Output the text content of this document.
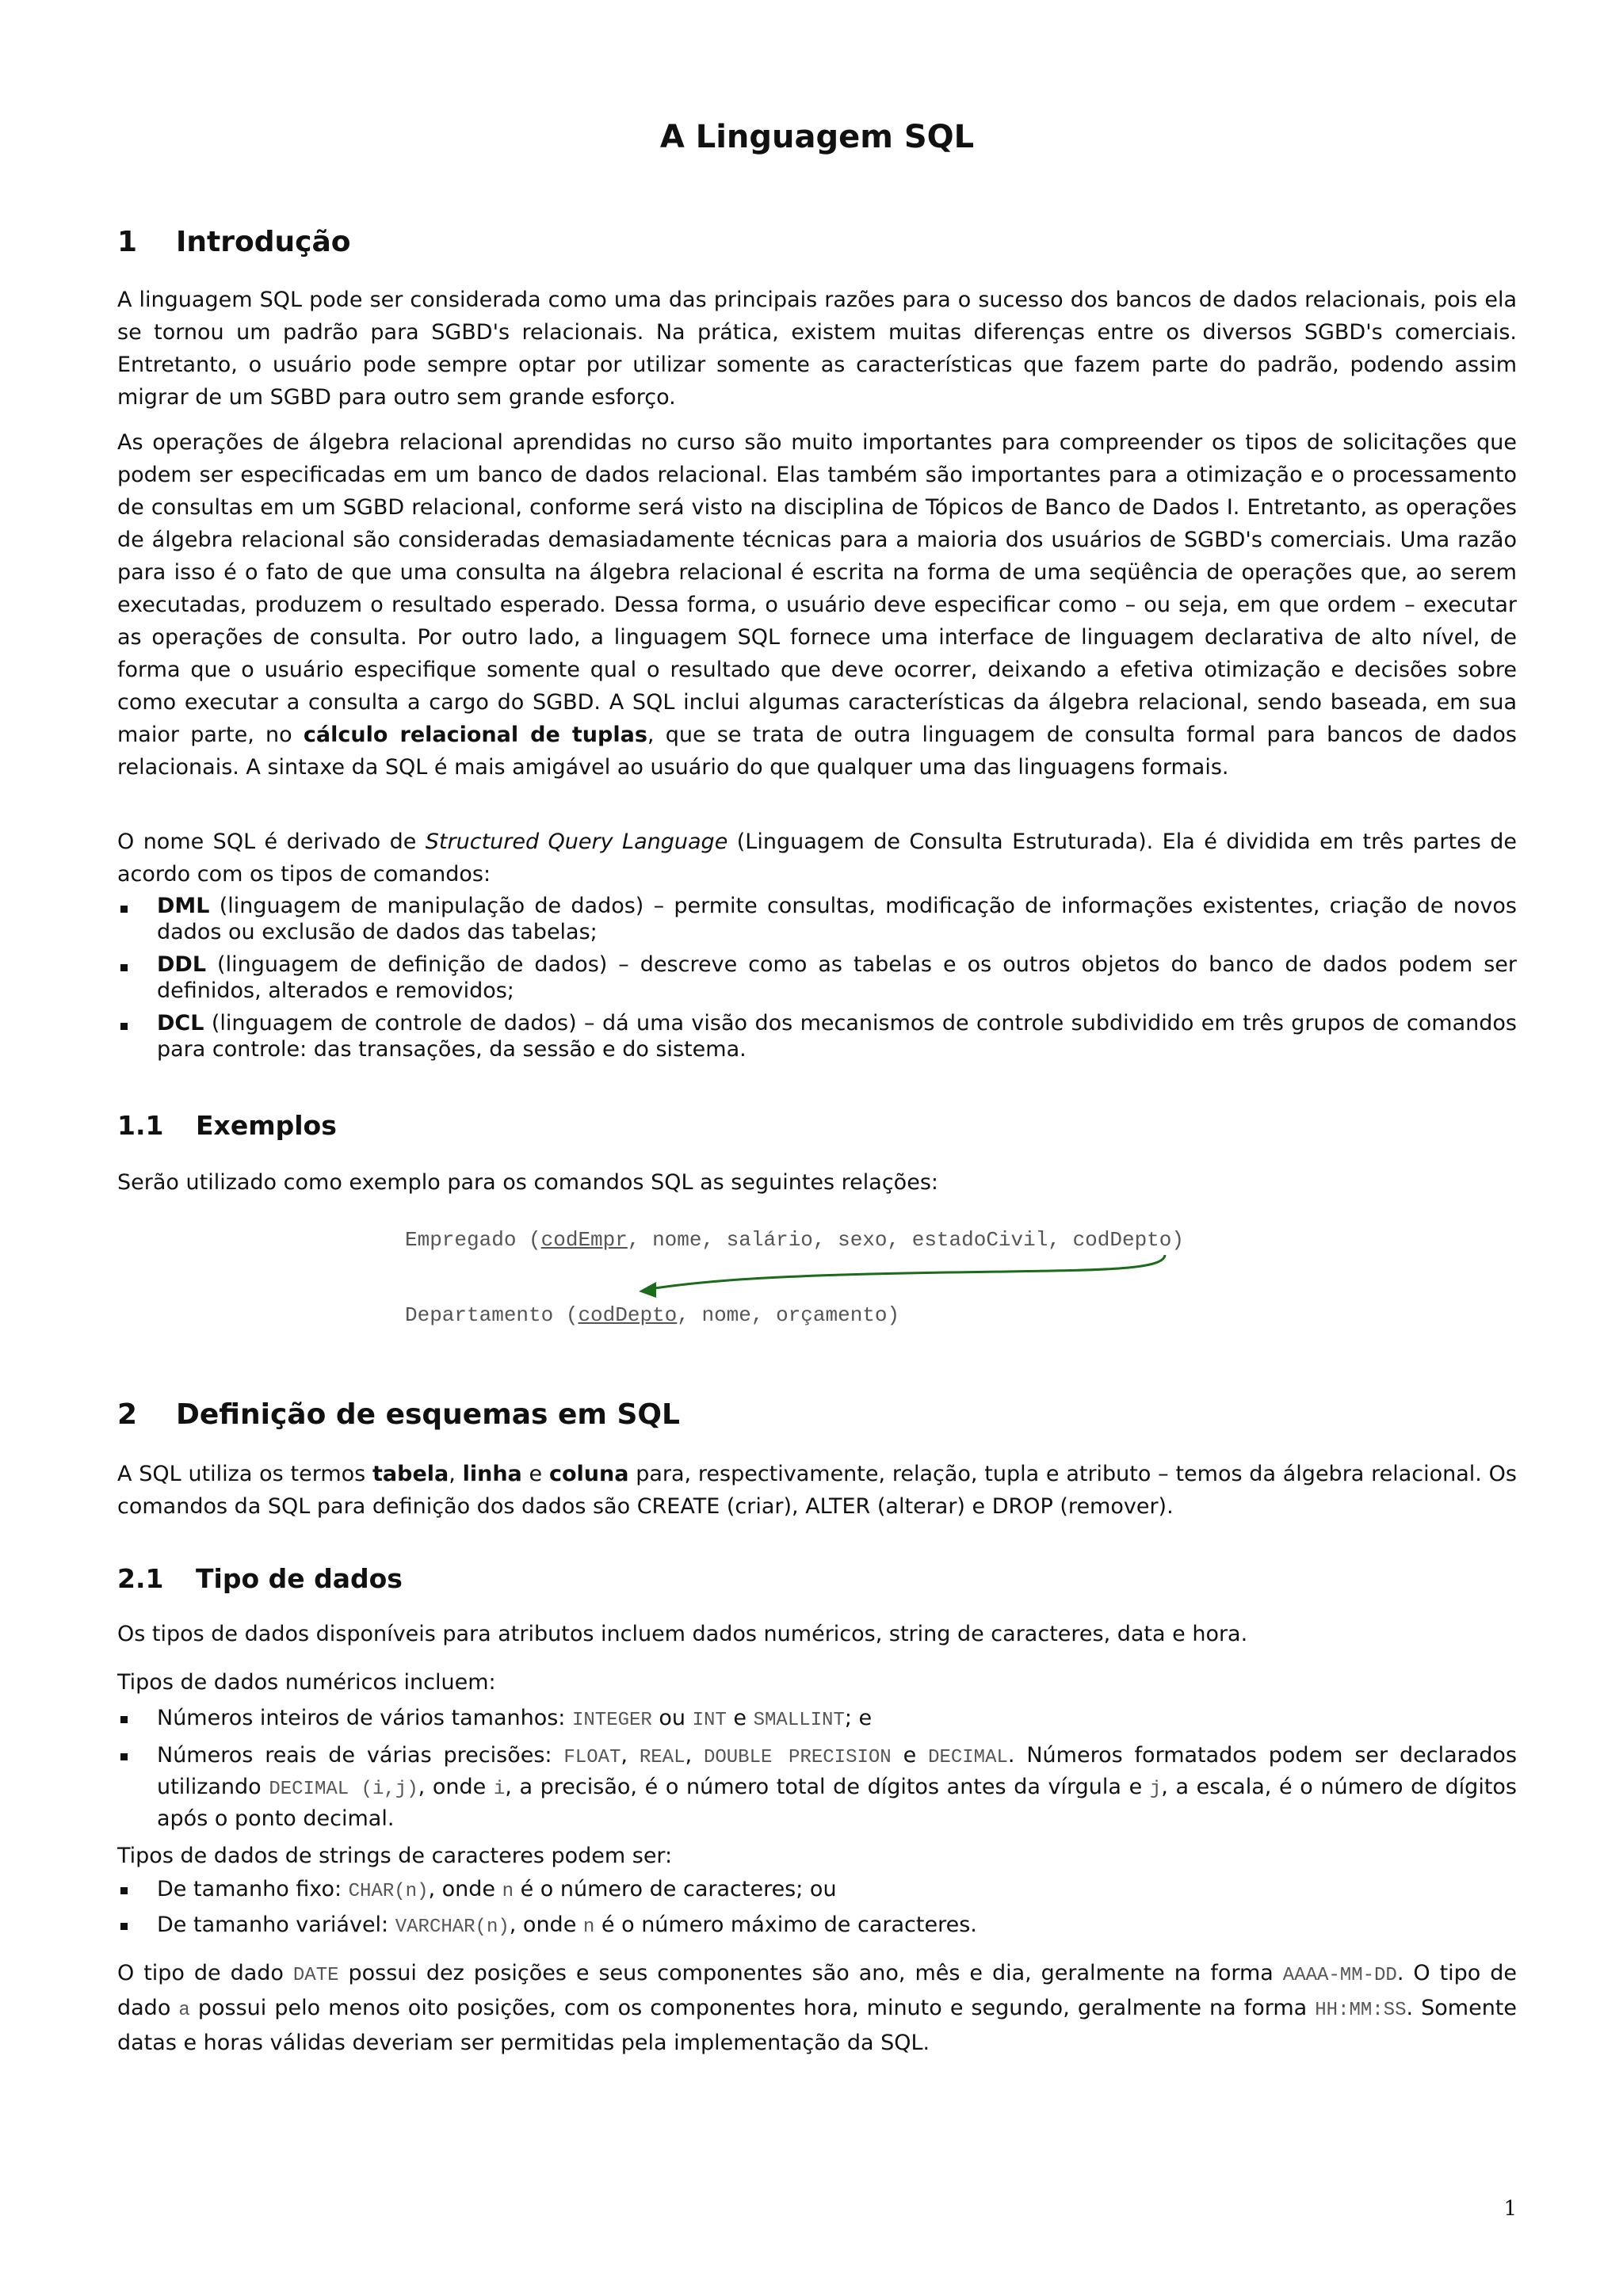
A Linguagem SQL
1 Introdução

A linguagem SQL pode ser considerada como uma das principais razões para o sucesso dos bancos de dados relacionais, pois ela se tornou um padrão para SGBD's relacionais. Na prática, existem muitas diferenças entre os diversos SGBD's comerciais. Entretanto, o usuário pode sempre optar por utilizar somente as características que fazem parte do padrão, podendo assim migrar de um SGBD para outro sem grande esforço.

As operações de álgebra relacional aprendidas no curso são muito importantes para compreender os tipos de solicitações que podem ser especificadas em um banco de dados relacional. Elas também são importantes para a otimização e o processamento de consultas em um SGBD relacional, conforme será visto na disciplina de Tópicos de Banco de Dados I. Entretanto, as operações de álgebra relacional são consideradas demasiadamente técnicas para a maioria dos usuários de SGBD's comerciais. Uma razão para isso é o fato de que uma consulta na álgebra relacional é escrita na forma de uma seqüência de operações que, ao serem executadas, produzem o resultado esperado. Dessa forma, o usuário deve especificar como – ou seja, em que ordem – executar as operações de consulta. Por outro lado, a linguagem SQL fornece uma interface de linguagem declarativa de alto nível, de forma que o usuário especifique somente qual o resultado que deve ocorrer, deixando a efetiva otimização e decisões sobre como executar a consulta a cargo do SGBD. A SQL inclui algumas características da álgebra relacional, sendo baseada, em sua maior parte, no cálculo relacional de tuplas, que se trata de outra linguagem de consulta formal para bancos de dados relacionais. A sintaxe da SQL é mais amigável ao usuário do que qualquer uma das linguagens formais.

O nome SQL é derivado de Structured Query Language (Linguagem de Consulta Estruturada). Ela é dividida em três partes de acordo com os tipos de comandos:

DML (linguagem de manipulação de dados) – permite consultas, modificação de informações existentes, criação de novos dados ou exclusão de dados das tabelas;
DDL (linguagem de definição de dados) – descreve como as tabelas e os outros objetos do banco de dados podem ser definidos, alterados e removidos;
DCL (linguagem de controle de dados) – dá uma visão dos mecanismos de controle subdividido em três grupos de comandos para controle: das transações, da sessão e do sistema.
1.1 Exemplos

Serão utilizado como exemplo para os comandos SQL as seguintes relações:

Empregado (codEmpr, nome, salário, sexo, estadoCivil, codDepto)
Departamento (codDepto, nome, orçamento)
2 Definição de esquemas em SQL

A SQL utiliza os termos tabela, linha e coluna para, respectivamente, relação, tupla e atributo – temos da álgebra relacional. Os comandos da SQL para definição dos dados são CREATE (criar), ALTER (alterar) e DROP (remover).

2.1 Tipo de dados

Os tipos de dados disponíveis para atributos incluem dados numéricos, string de caracteres, data e hora.

Tipos de dados numéricos incluem:

Números inteiros de vários tamanhos: INTEGER ou INT e SMALLINT; e
Números reais de várias precisões: FLOAT, REAL, DOUBLE PRECISION e DECIMAL. Números formatados podem ser declarados utilizando DECIMAL (i,j), onde i, a precisão, é o número total de dígitos antes da vírgula e j, a escala, é o número de dígitos após o ponto decimal.

Tipos de dados de strings de caracteres podem ser:

De tamanho fixo: CHAR(n), onde n é o número de caracteres; ou
De tamanho variável: VARCHAR(n), onde n é o número máximo de caracteres.

O tipo de dado DATE possui dez posições e seus componentes são ano, mês e dia, geralmente na forma AAAA-MM-DD. O tipo de dado a possui pelo menos oito posições, com os componentes hora, minuto e segundo, geralmente na forma HH:MM:SS. Somente datas e horas válidas deveriam ser permitidas pela implementação da SQL.

1
